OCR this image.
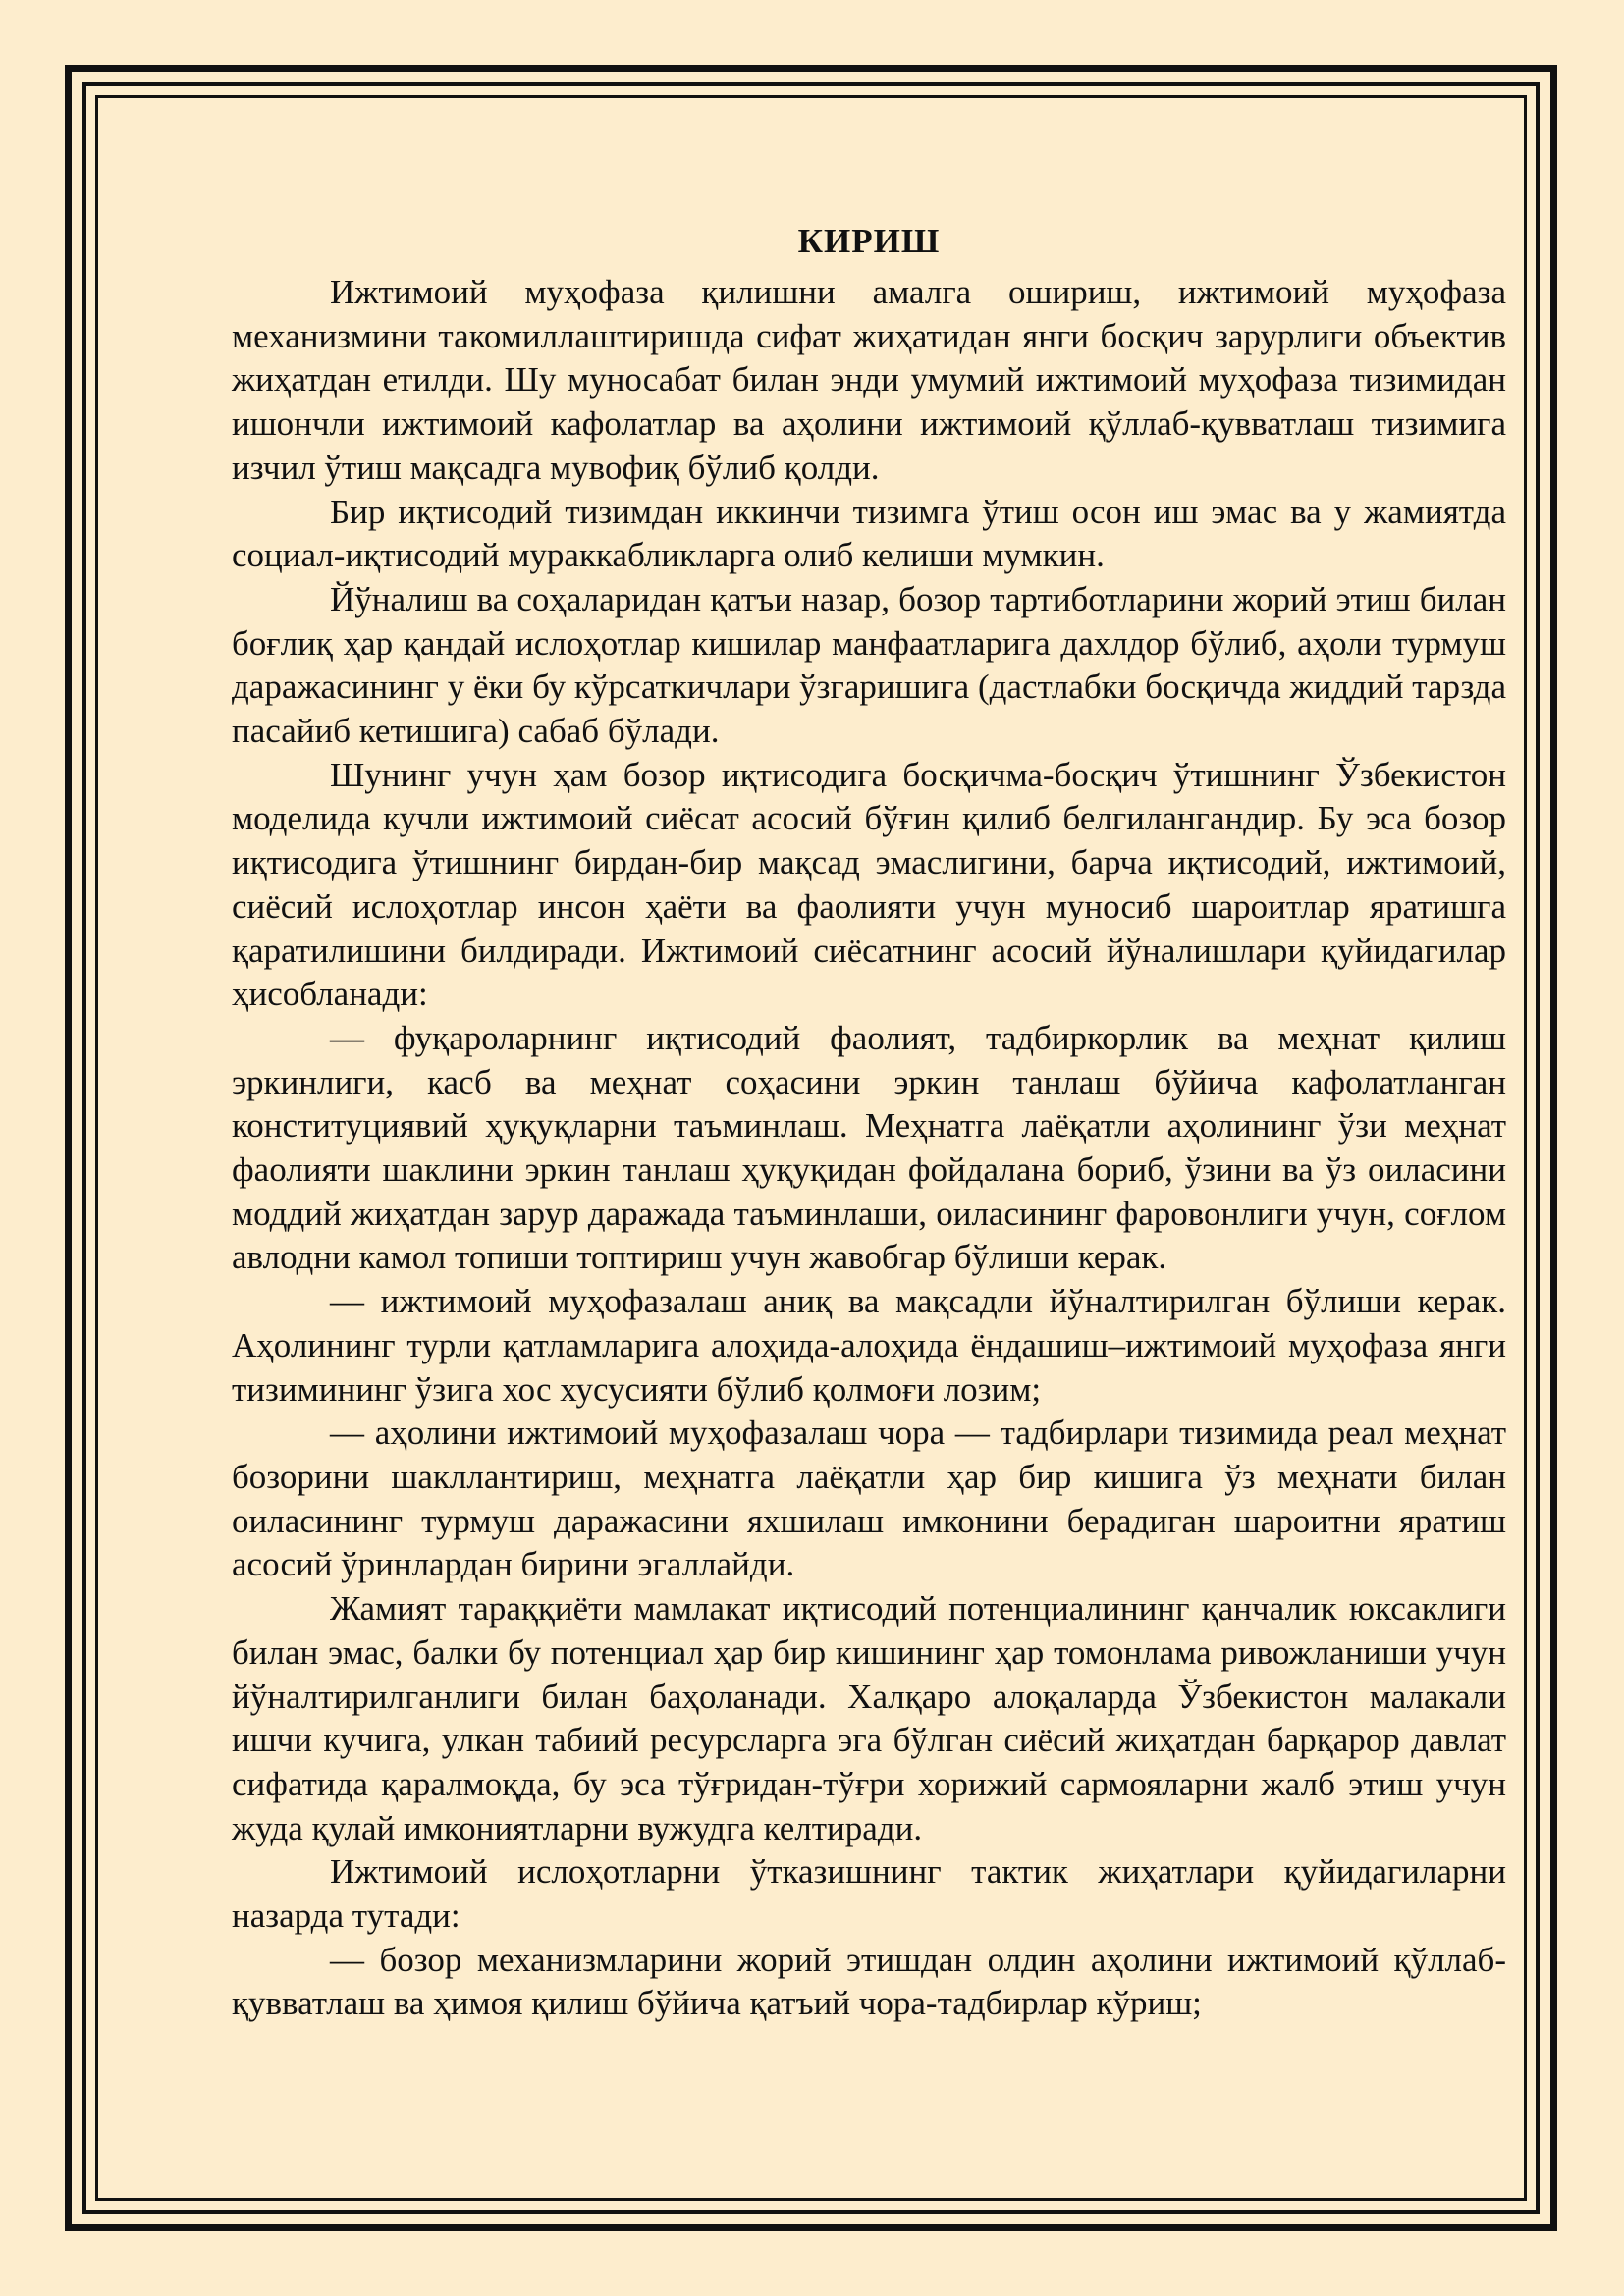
КИРИШ

Ижтимоий муҳофаза қилишни амалга ошириш, ижтимоий муҳофаза механизмини такомиллаштиришда сифат жиҳатидан янги босқич зарурлиги объектив жиҳатдан етилди. Шу муносабат билан энди умумий ижтимоий муҳофаза тизимидан ишончли ижтимоий кафолатлар ва аҳолини ижтимоий қўллаб-қувватлаш тизимига изчил ўтиш мақсадга мувофиқ бўлиб қолди.

Бир иқтисодий тизимдан иккинчи тизимга ўтиш осон иш эмас ва у жамиятда социал-иқтисодий мураккабликларга олиб келиши мумкин.

Йўналиш ва соҳаларидан қатъи назар, бозор тартиботларини жорий этиш билан боғлиқ ҳар қандай ислоҳотлар кишилар манфаатларига дахлдор бўлиб, аҳоли турмуш даражасининг у ёки бу кўрсаткичлари ўзгаришига (дастлабки босқичда жиддий тарзда пасайиб кетишига) сабаб бўлади.

Шунинг учун ҳам бозор иқтисодига босқичма-босқич ўтишнинг Ўзбекистон моделида кучли ижтимоий сиёсат асосий бўғин қилиб белгилангандир. Бу эса бозор иқтисодига ўтишнинг бирдан-бир мақсад эмаслигини, барча иқтисодий, ижтимоий, сиёсий ислоҳотлар инсон ҳаёти ва фаолияти учун муносиб шароитлар яратишга қаратилишини билдиради. Ижтимоий сиёсатнинг асосий йўналишлари қуйидагилар ҳисобланади:

— фуқароларнинг иқтисодий фаолият, тадбиркорлик ва меҳнат қилиш эркинлиги, касб ва меҳнат соҳасини эркин танлаш бўйича кафолатланган конституциявий ҳуқуқларни таъминлаш. Меҳнатга лаёқатли аҳолининг ўзи меҳнат фаолияти шаклини эркин танлаш ҳуқуқидан фойдалана бориб, ўзини ва ўз оиласини моддий жиҳатдан зарур даражада таъминлаши, оиласининг фаровонлиги учун, соғлом авлодни камол топиши топтириш учун жавобгар бўлиши керак.

— ижтимоий муҳофазалаш аниқ ва мақсадли йўналтирилган бўлиши керак. Аҳолининг турли қатламларига алоҳида-алоҳида ёндашиш–ижтимоий муҳофаза янги тизимининг ўзига хос хусусияти бўлиб қолмоғи лозим;

— аҳолини ижтимоий муҳофазалаш чора — тадбирлари тизимида реал меҳнат бозорини шакллантириш, меҳнатга лаёқатли ҳар бир кишига ўз меҳнати билан оиласининг турмуш даражасини яхшилаш имконини берадиган шароитни яратиш асосий ўринлардан бирини эгаллайди.

Жамият тараққиёти мамлакат иқтисодий потенциалининг қанчалик юксаклиги билан эмас, балки бу потенциал ҳар бир кишининг ҳар томонлама ривожланиши учун йўналтирилганлиги билан баҳоланади. Халқаро алоқаларда Ўзбекистон малакали ишчи кучига, улкан табиий ресурсларга эга бўлган сиёсий жиҳатдан барқарор давлат сифатида қаралмоқда, бу эса тўғридан-тўғри хорижий сармояларни жалб этиш учун жуда қулай имкониятларни вужудга келтиради.

Ижтимоий ислоҳотларни ўтказишнинг тактик жиҳатлари қуйидагиларни назарда тутади:

— бозор механизмларини жорий этишдан олдин аҳолини ижтимоий қўллаб-қувватлаш ва ҳимоя қилиш бўйича қатъий чора-тадбирлар кўриш;
